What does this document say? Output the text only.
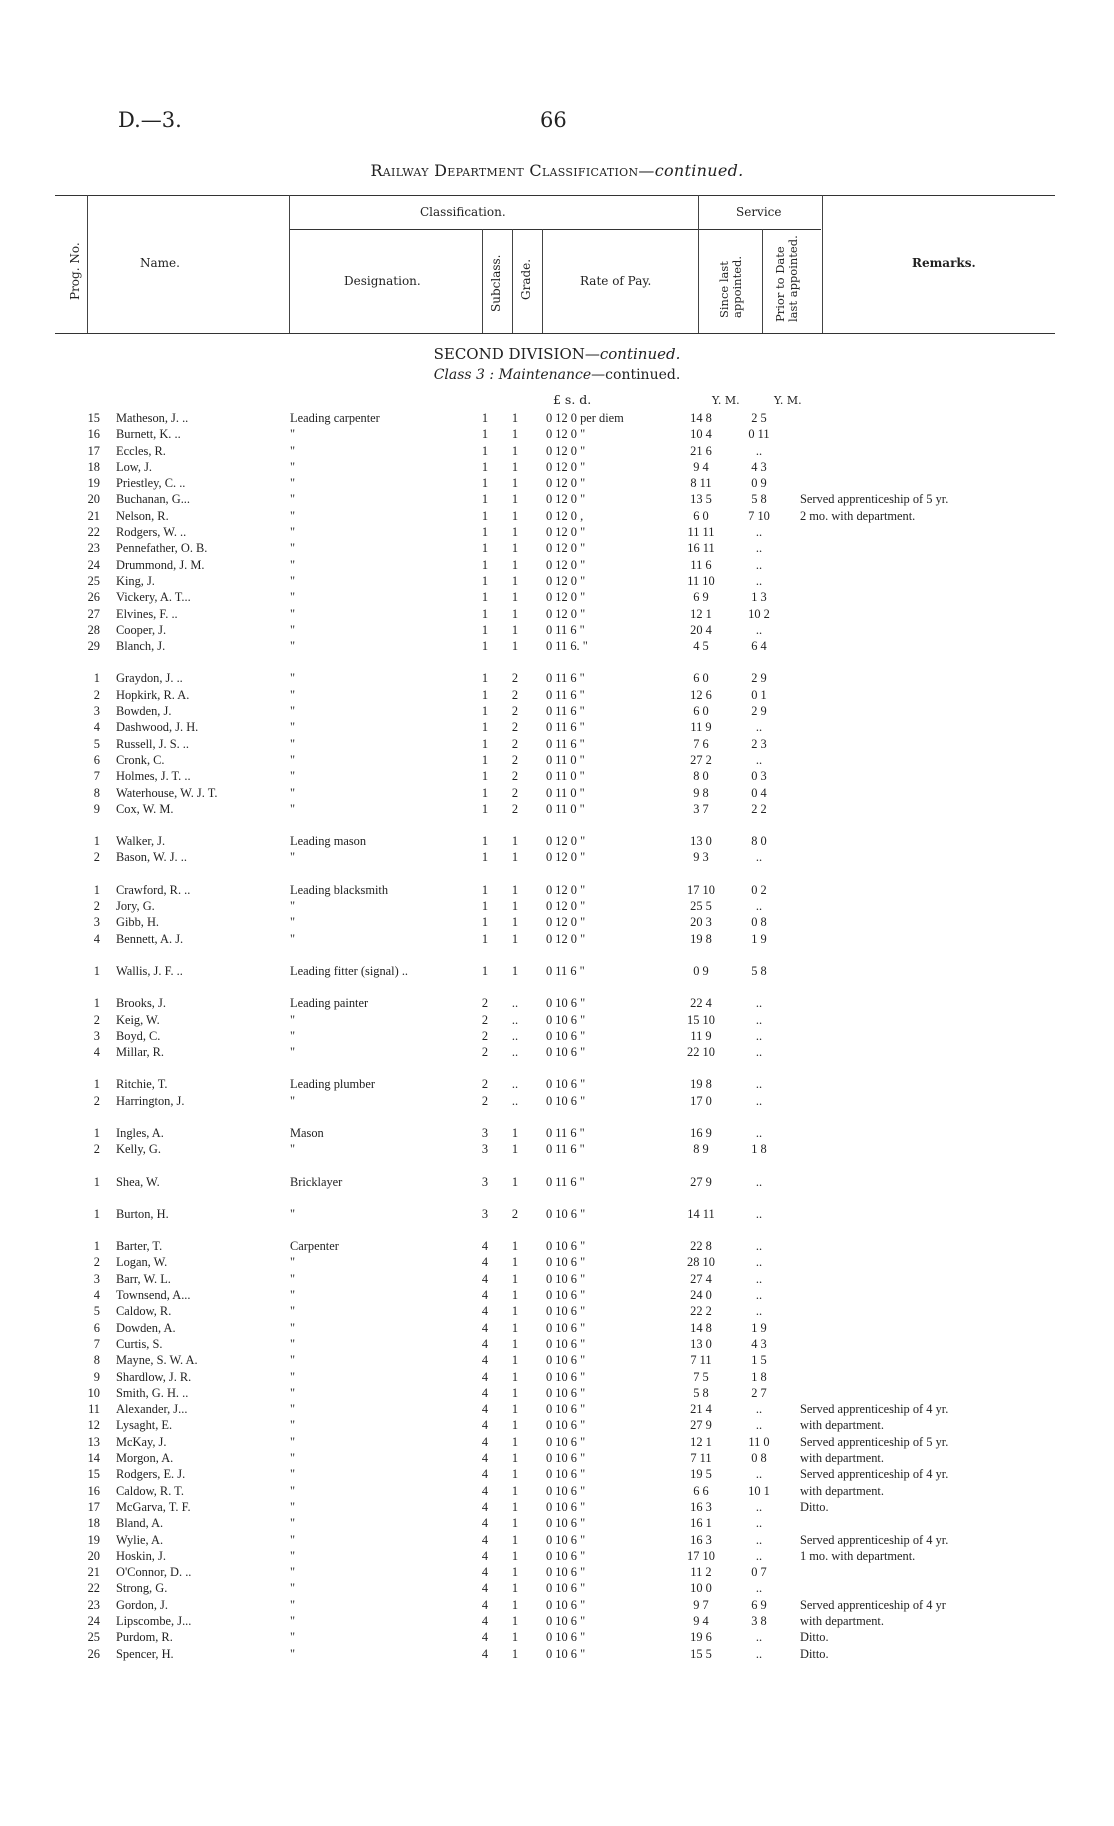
D.—3.	66
Railway Department Classification—continued.
Prog. No.	Name.
Classification.
Designation.	Subclass. Grade.	Rate of Pay.
Service
Since last appointed.	Prior to Date last appointed.	Remarks.
SECOND DIVISION—continued.
Class 3 : Maintenance—continued.
£ s. d.	Y. M.	Y. M.
15	Matheson, J. ..		Leading carpenter	1	1	0 12 0 per diem	14 8	2 5	
16	Burnett, K. ..		"	1	1	0 12 0 "	10 4	0 11	
17	Eccles, R.		"	1	1	0 12 0 "	21 6	..	
18	Low, J.		"	1	1	0 12 0 "	9 4	4 3	
19	Priestley, C. ..		"	1	1	0 12 0 "	8 11	0 9	
20	Buchanan, G...		"	1	1	0 12 0 "	13 5	5 8	Served apprenticeship of 5 yr.
21	Nelson, R.		"	1	1	0 12 0 ,	6 0	7 10	2 mo. with department.
22	Rodgers, W. ..		"	1	1	0 12 0 "	11 11	..	
23	Pennefather, O. B.		"	1	1	0 12 0 "	16 11	..	
24	Drummond, J. M.		"	1	1	0 12 0 "	11 6	..	
25	King, J.		"	1	1	0 12 0 "	11 10	..	
26	Vickery, A. T...		"	1	1	0 12 0 "	6 9	1 3	
27	Elvines, F. ..		"	1	1	0 12 0 "	12 1	10 2	
28	Cooper, J.		"	1	1	0 11 6 "	20 4	..	
29	Blanch, J.		"	1	1	0 11 6. "	4 5	6 4	

1	Graydon, J. ..		"	1	2	0 11 6 "	6 0	2 9	
2	Hopkirk, R. A.		"	1	2	0 11 6 "	12 6	0 1	
3	Bowden, J.		"	1	2	0 11 6 "	6 0	2 9	
4	Dashwood, J. H.		"	1	2	0 11 6 "	11 9	..	
5	Russell, J. S. ..		"	1	2	0 11 6 "	7 6	2 3	
6	Cronk, C.		"	1	2	0 11 0 "	27 2	..	
7	Holmes, J. T. ..		"	1	2	0 11 0 "	8 0	0 3	
8	Waterhouse, W. J. T.		"	1	2	0 11 0 "	9 8	0 4	
9	Cox, W. M.		"	1	2	0 11 0 "	3 7	2 2	

1	Walker, J.		Leading mason	1	1	0 12 0 "	13 0	8 0	
2	Bason, W. J. ..		"	1	1	0 12 0 "	9 3	..	

1	Crawford, R. ..		Leading blacksmith	1	1	0 12 0 "	17 10	0 2	
2	Jory, G.		"	1	1	0 12 0 "	25 5	..	
3	Gibb, H.		"	1	1	0 12 0 "	20 3	0 8	
4	Bennett, A. J.		"	1	1	0 12 0 "	19 8	1 9	

1	Wallis, J. F. ..		Leading fitter (signal) ..	1	1	0 11 6 "	0 9	5 8	

1	Brooks, J.		Leading painter	2	..	0 10 6 "	22 4	..	
2	Keig, W.		"	2	..	0 10 6 "	15 10	..	
3	Boyd, C.		"	2	..	0 10 6 "	11 9	..	
4	Millar, R.		"	2	..	0 10 6 "	22 10	..	

1	Ritchie, T.		Leading plumber	2	..	0 10 6 "	19 8	..	
2	Harrington, J.		"	2	..	0 10 6 "	17 0	..	

1	Ingles, A.		Mason	3	1	0 11 6 "	16 9	..	
2	Kelly, G.		"	3	1	0 11 6 "	8 9	1 8	

1	Shea, W.		Bricklayer	3	1	0 11 6 "	27 9	..	

1	Burton, H.		"	3	2	0 10 6 "	14 11	..	

1	Barter, T.		Carpenter	4	1	0 10 6 "	22 8	..	
2	Logan, W.		"	4	1	0 10 6 "	28 10	..	
3	Barr, W. L.		"	4	1	0 10 6 "	27 4	..	
4	Townsend, A...		"	4	1	0 10 6 "	24 0	..	
5	Caldow, R.		"	4	1	0 10 6 "	22 2	..	
6	Dowden, A.		"	4	1	0 10 6 "	14 8	1 9	
7	Curtis, S.		"	4	1	0 10 6 "	13 0	4 3	
8	Mayne, S. W. A.		"	4	1	0 10 6 "	7 11	1 5	
9	Shardlow, J. R.		"	4	1	0 10 6 "	7 5	1 8	
10	Smith, G. H. ..		"	4	1	0 10 6 "	5 8	2 7	
11	Alexander, J...		"	4	1	0 10 6 "	21 4	..	Served apprenticeship of 4 yr.
12	Lysaght, E.		"	4	1	0 10 6 "	27 9	..	with department.
13	McKay, J.		"	4	1	0 10 6 "	12 1	11 0	Served apprenticeship of 5 yr.
14	Morgon, A.		"	4	1	0 10 6 "	7 11	0 8	with department.
15	Rodgers, E. J.		"	4	1	0 10 6 "	19 5	..	Served apprenticeship of 4 yr.
16	Caldow, R. T.		"	4	1	0 10 6 "	6 6	10 1	with department.
17	McGarva, T. F.		"	4	1	0 10 6 "	16 3	..	Ditto.
18	Bland, A.		"	4	1	0 10 6 "	16 1	..	
19	Wylie, A.		"	4	1	0 10 6 "	16 3	..	Served apprenticeship of 4 yr.
20	Hoskin, J.		"	4	1	0 10 6 "	17 10	..	1 mo. with department.
21	O'Connor, D. ..		"	4	1	0 10 6 "	11 2	0 7	
22	Strong, G.		"	4	1	0 10 6 "	10 0	..	
23	Gordon, J.		"	4	1	0 10 6 "	9 7	6 9	Served apprenticeship of 4 yr
24	Lipscombe, J...		"	4	1	0 10 6 "	9 4	3 8	with department.
25	Purdom, R.		"	4	1	0 10 6 "	19 6	..	Ditto.
26	Spencer, H.		"	4	1	0 10 6 "	15 5	..	Ditto.
